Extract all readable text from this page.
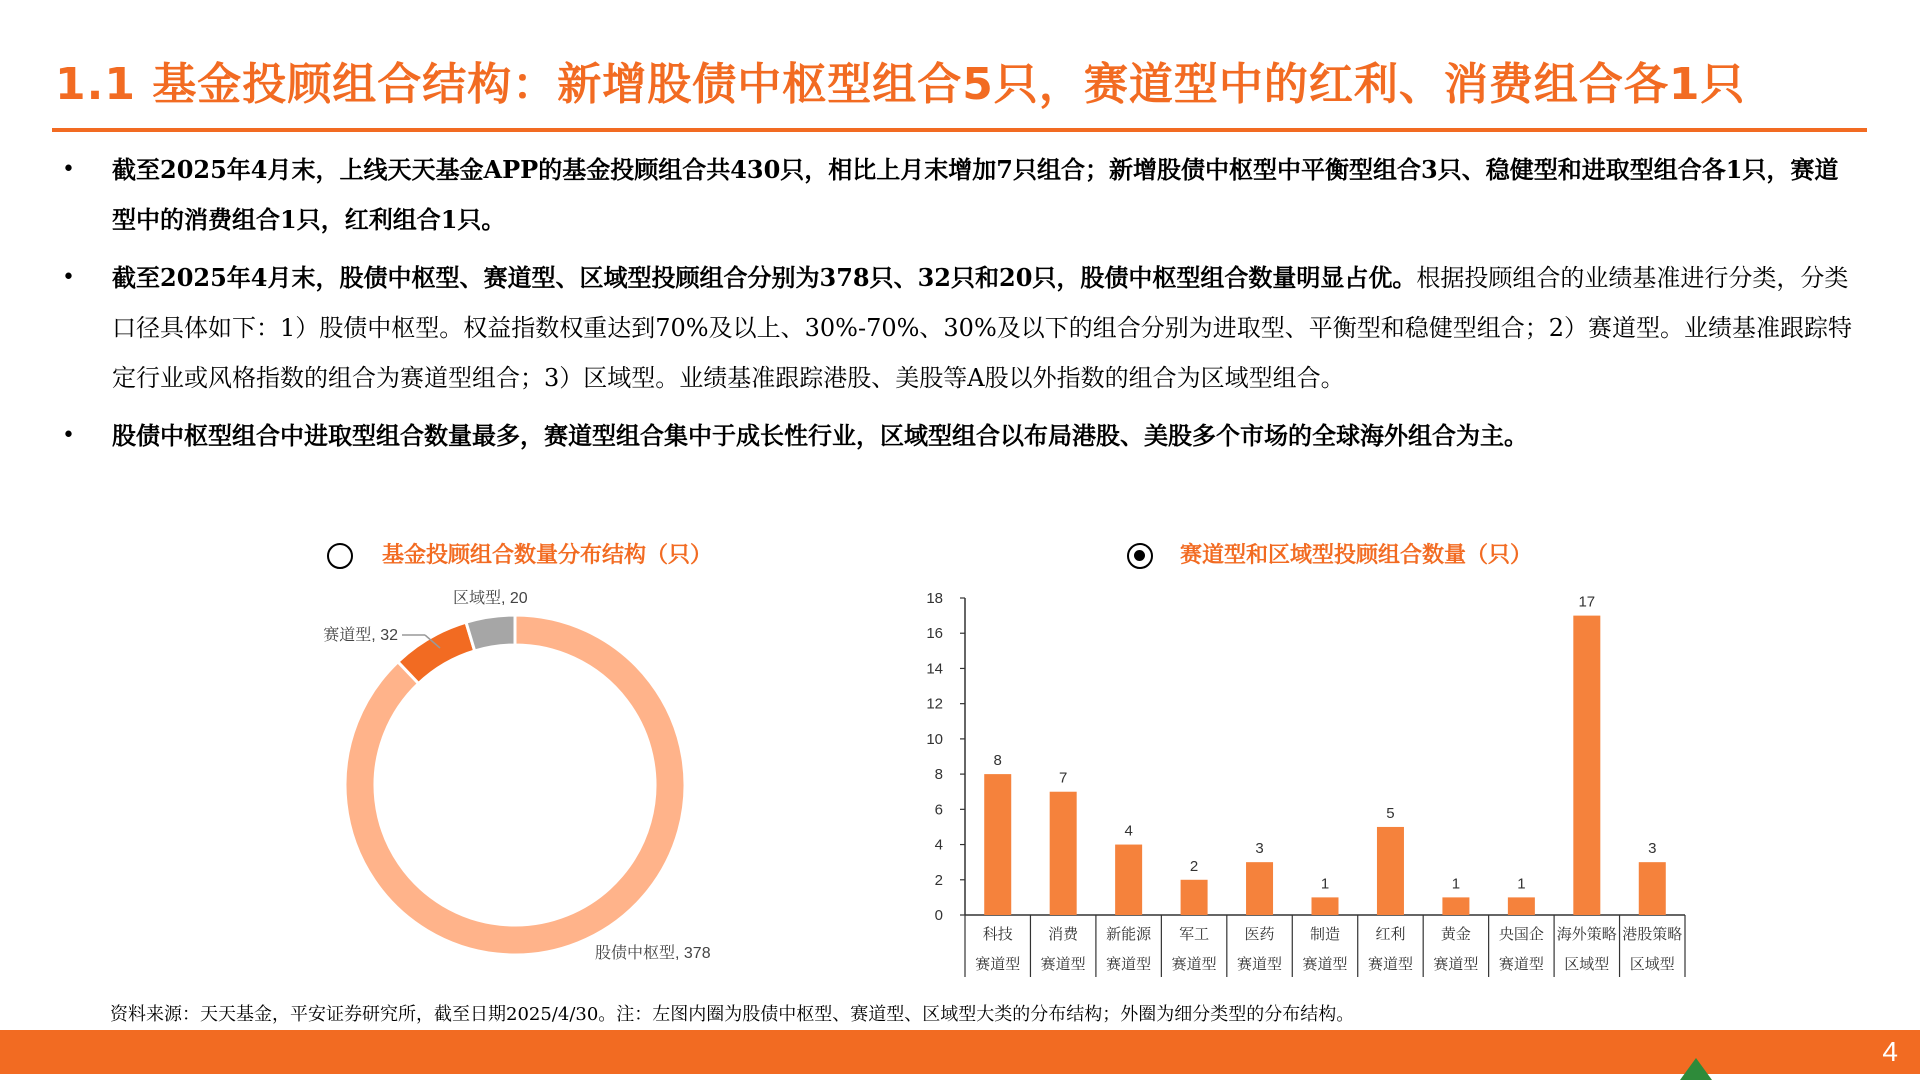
1.1 基金投顾组合结构：新增股债中枢型组合5只，赛道型中的红利、消费组合各1只
• 截至2025年4月末，上线天天基金APP的基金投顾组合共430只，相比上月末增加7只组合；新增股债中枢型中平衡型组合3只、稳健型和进取型组合各1只，赛道型中的消费组合1只，红利组合1只。
• 截至2025年4月末，股债中枢型、赛道型、区域型投顾组合分别为378只、32只和20只，股债中枢型组合数量明显占优。根据投顾组合的业绩基准进行分类，分类口径具体如下：1）股债中枢型。权益指数权重达到70%及以上、30%-70%、30%及以下的组合分别为进取型、平衡型和稳健型组合；2）赛道型。业绩基准跟踪特定行业或风格指数的组合为赛道型组合；3）区域型。业绩基准跟踪港股、美股等A股以外指数的组合为区域型组合。
• 股债中枢型组合中进取型组合数量最多，赛道型组合集中于成长性行业，区域型组合以布局港股、美股多个市场的全球海外组合为主。
基金投顾组合数量分布结构（只）	赛道型和区域型投顾组合数量（只）
股债中枢型, 378
赛道型, 32
区域型, 20
0
2
4
6
8
10
12
14
16
18
8
科技
赛道型
7
消费
赛道型
4
新能源
赛道型
2
军工
赛道型
3
医药
赛道型
1
制造
赛道型
5
红利
赛道型
1
黄金
赛道型
1
央国企
赛道型
17
海外策略
区域型
3
港股策略
区域型
资料来源：天天基金，平安证券研究所，截至日期2025/4/30。注：左图内圈为股债中枢型、赛道型、区域型大类的分布结构；外圈为细分类型的分布结构。
4
